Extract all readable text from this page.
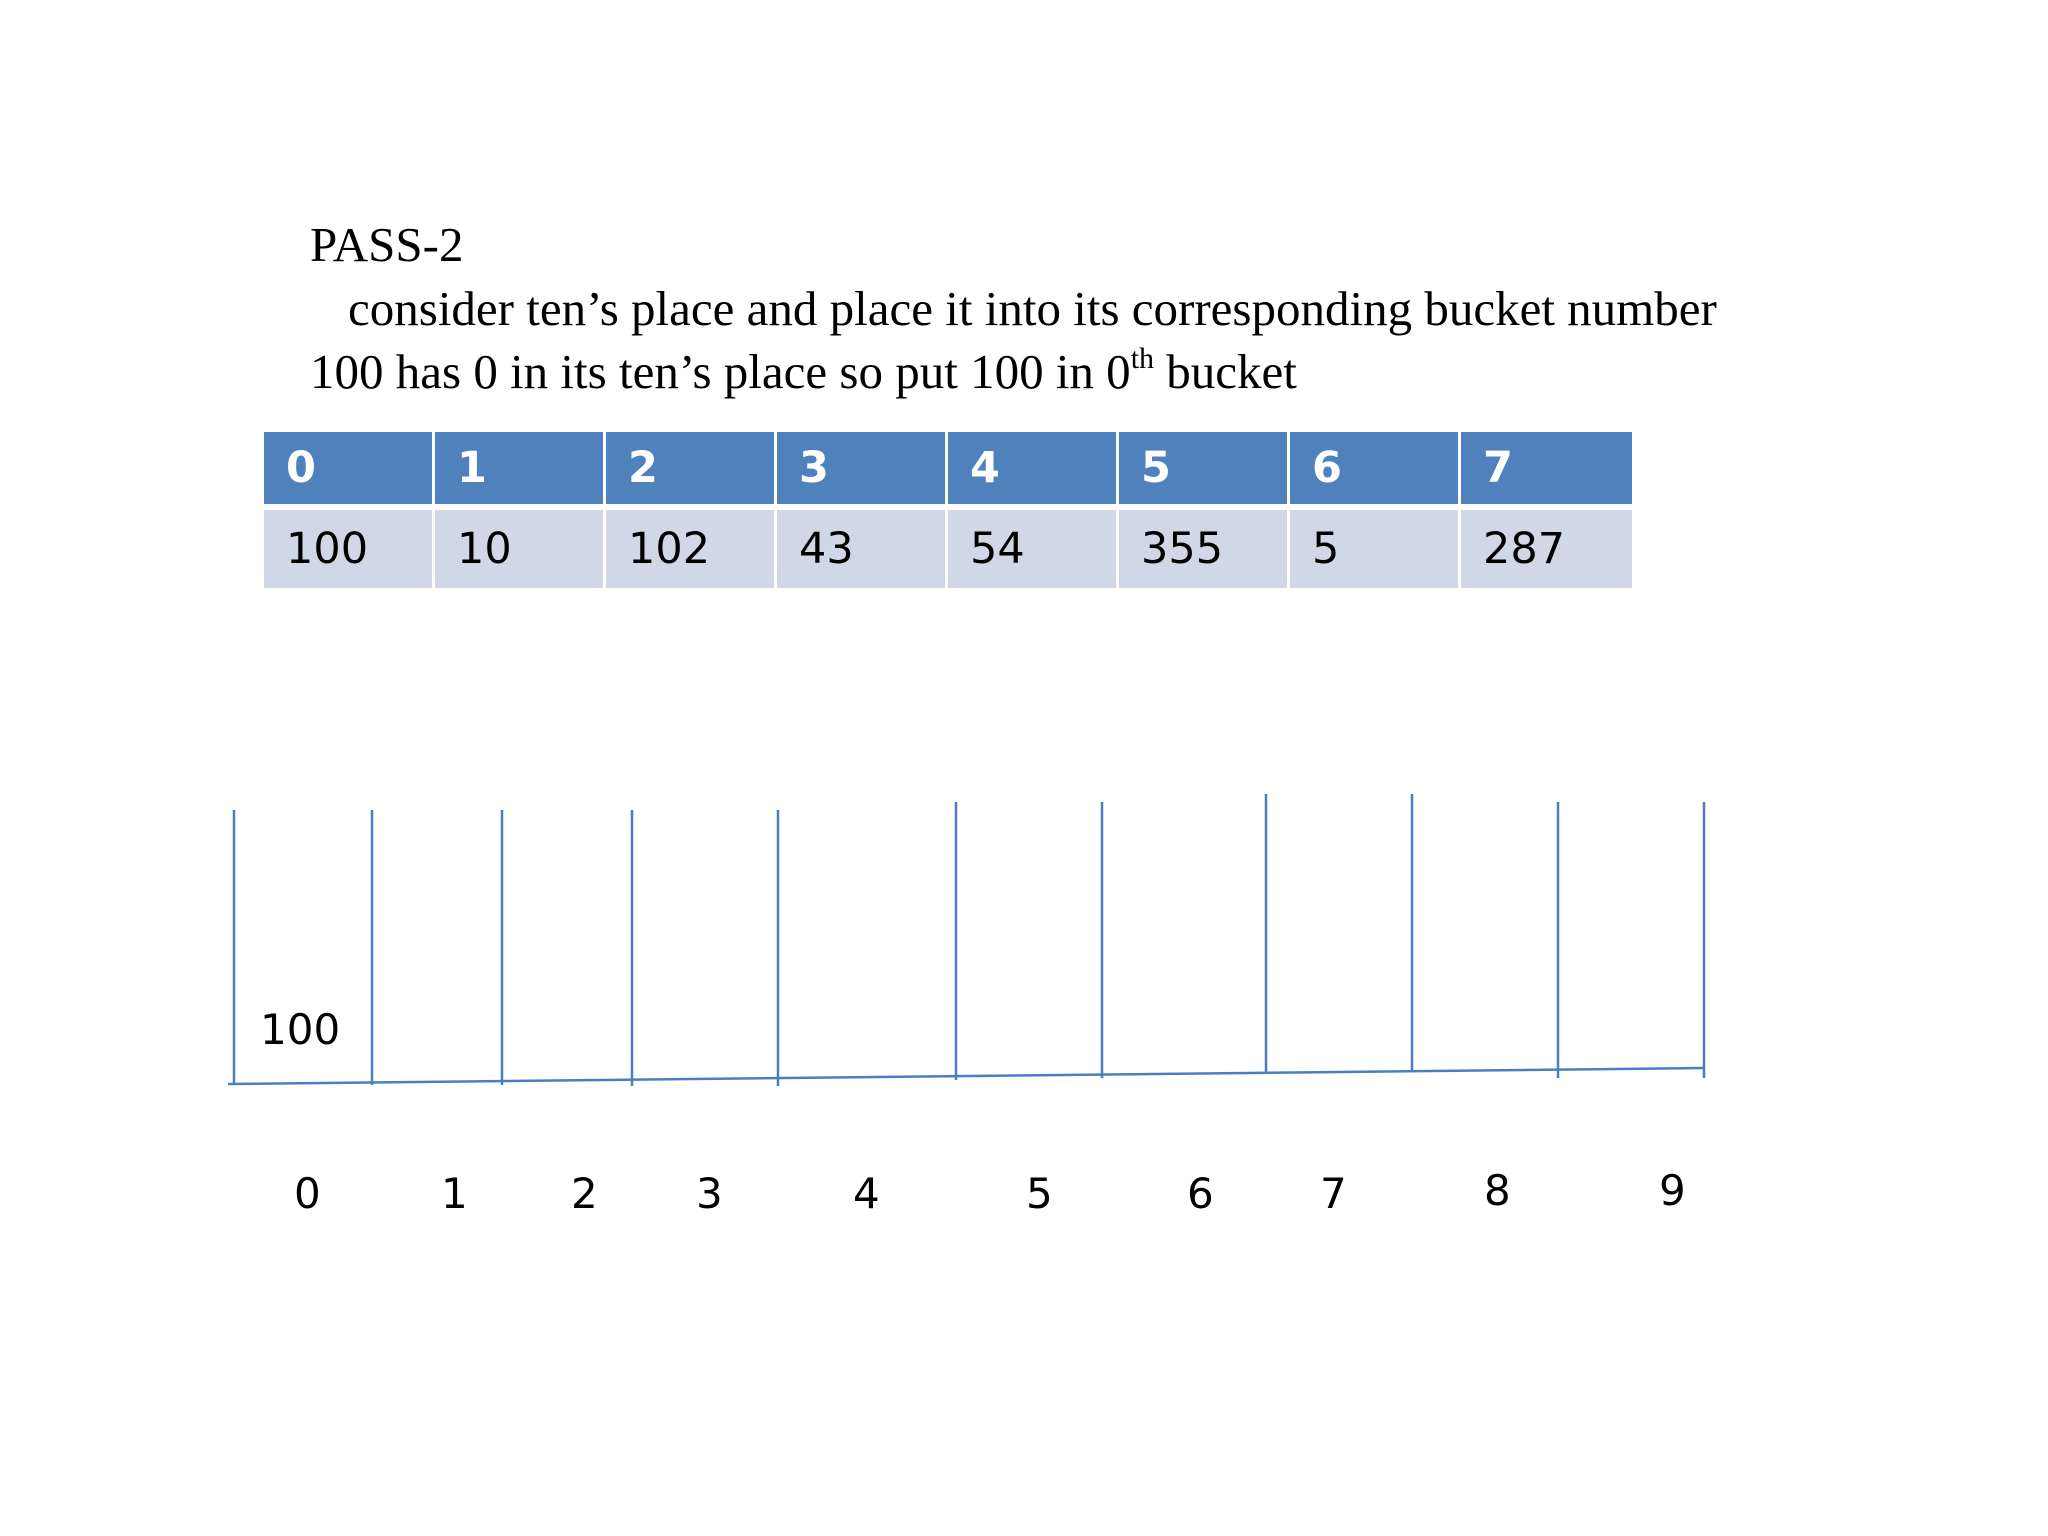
PASS-2
consider ten’s place and place it into its corresponding bucket number
100 has 0 in its ten’s place so put 100 in 0th bucket
0	1	2	3	4	5	6	7
100	10	102	43	54	355	5	287
100
0	1 2 3	4	5	6	7	8	9
